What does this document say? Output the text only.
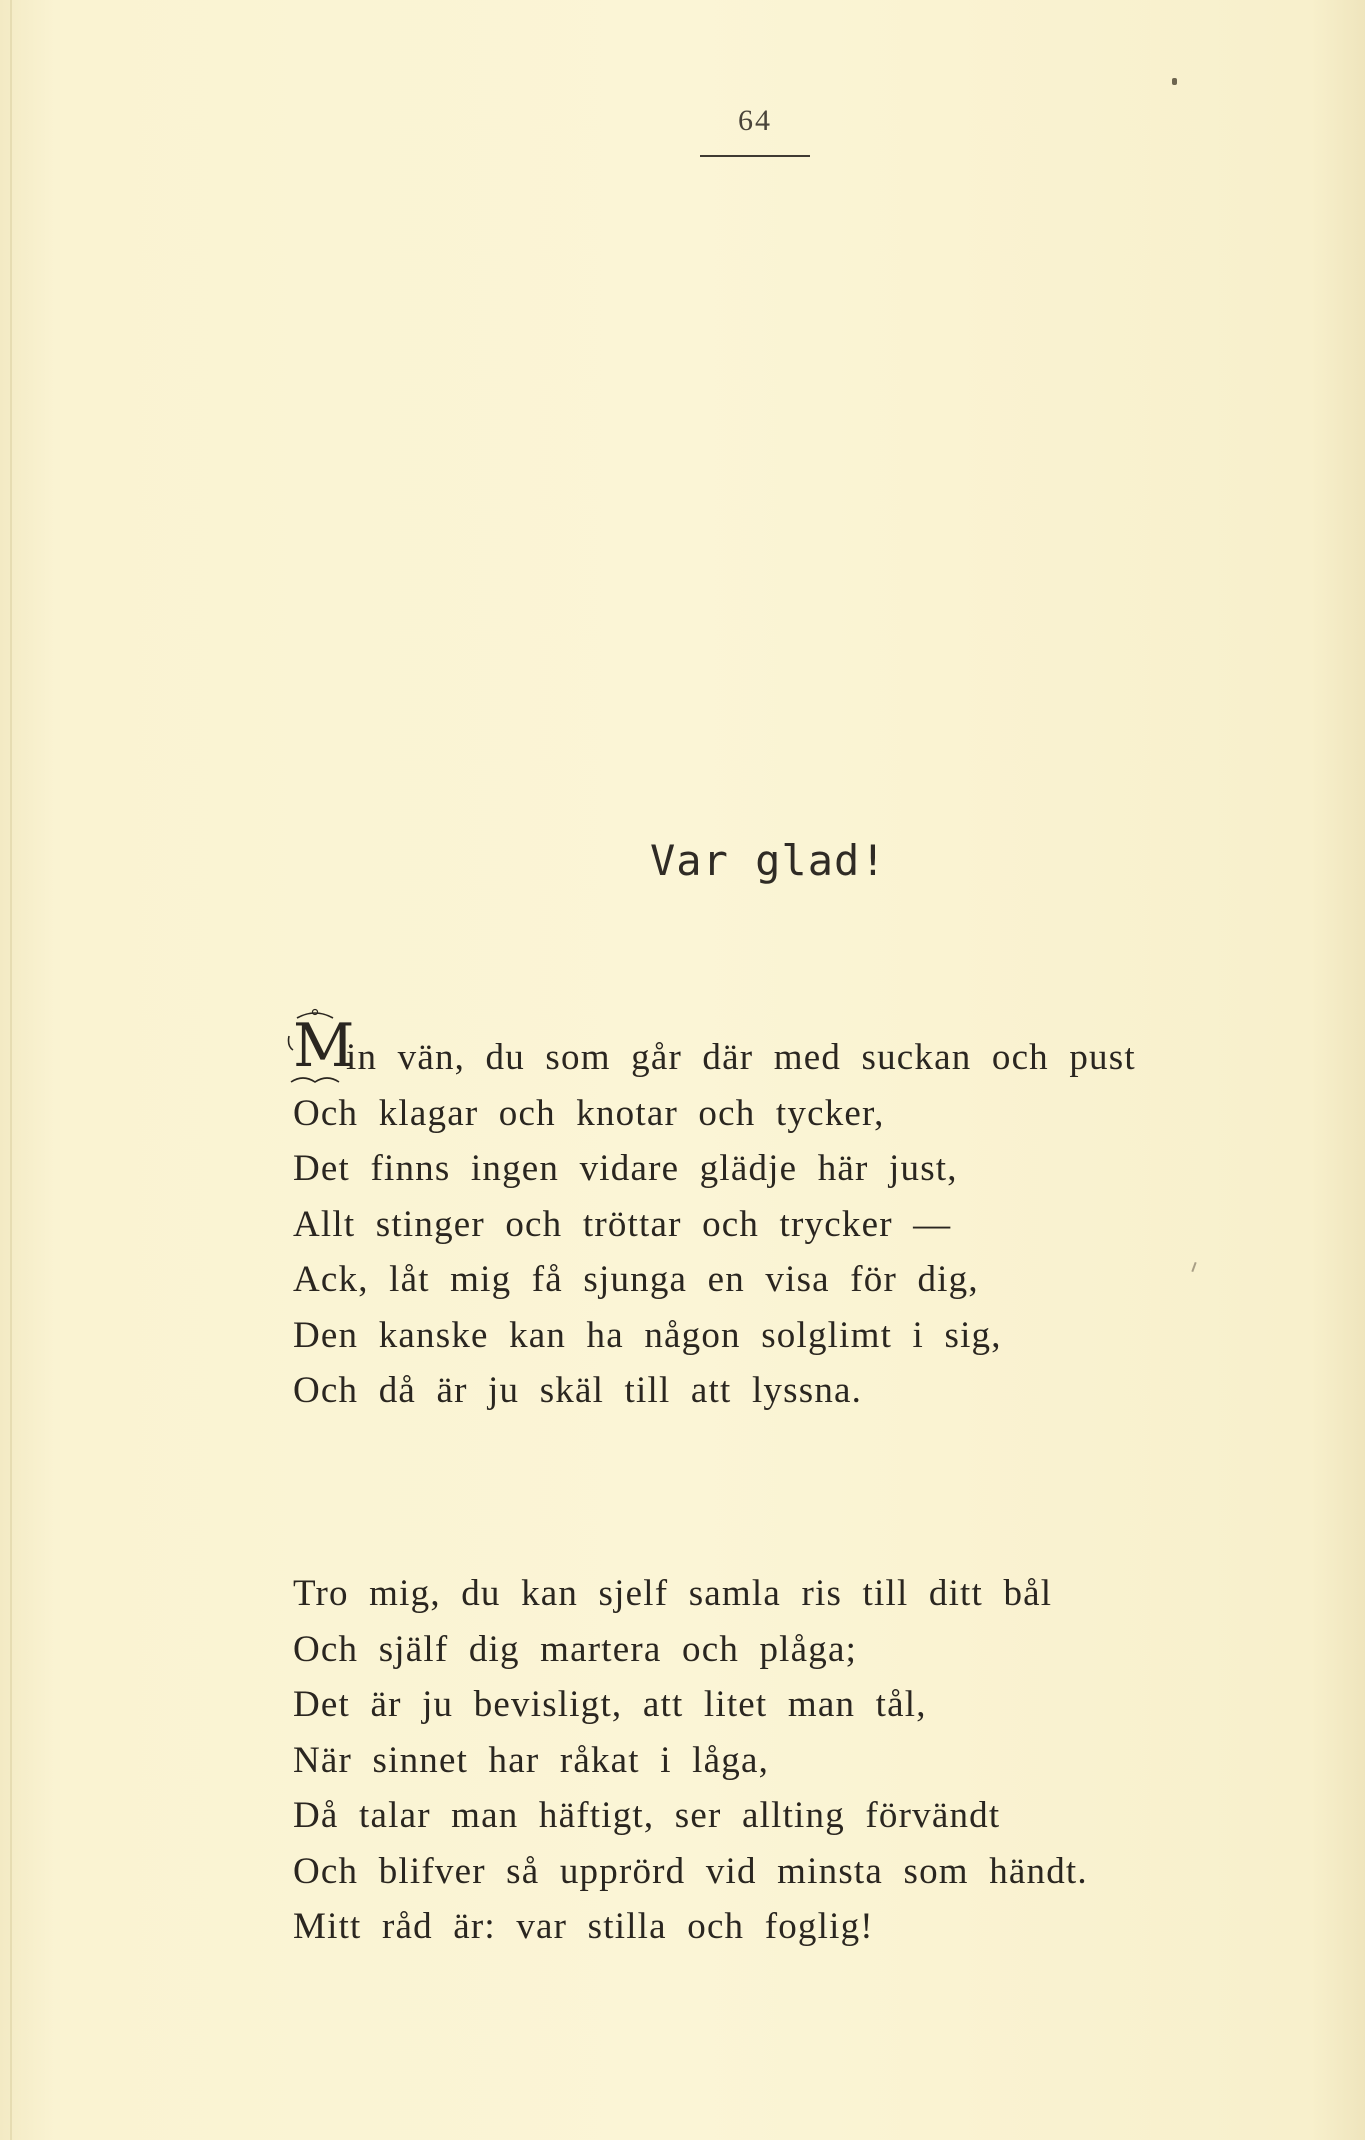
64
Var glad!
M
in vän, du som går där med suckan och pust
Och klagar och knotar och tycker,
Det finns ingen vidare glädje här just,
Allt stinger och tröttar och trycker —
Ack, låt mig få sjunga en visa för dig,
Den kanske kan ha någon solglimt i sig,
Och då är ju skäl till att lyssna.
Tro mig, du kan sjelf samla ris till ditt bål
Och själf dig martera och plåga;
Det är ju bevisligt, att litet man tål,
När sinnet har råkat i låga,
Då talar man häftigt, ser allting förvändt
Och blifver så upprörd vid minsta som händt.
Mitt råd är: var stilla och foglig!
